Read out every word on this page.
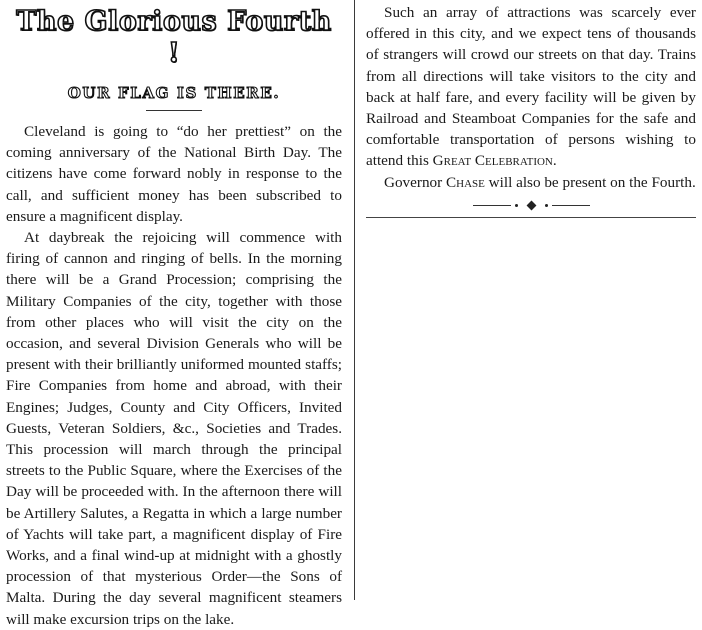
The Glorious Fourth !
OUR FLAG IS THERE.

Cleveland is going to “do her prettiest” on the coming anniversary of the National Birth Day. The citizens have come forward nobly in response to the call, and sufficient money has been subscribed to ensure a magnificent display.

At daybreak the rejoicing will commence with firing of cannon and ringing of bells. In the morning there will be a Grand Procession; comprising the Military Companies of the city, together with those from other places who will visit the city on the occasion, and several Division Generals who will be present with their brilliantly uniformed mounted staffs; Fire Companies from home and abroad, with their Engines; Judges, County and City Officers, Invited Guests, Veteran Soldiers, &c., Societies and Trades. This procession will march through the principal streets to the Public Square, where the Exercises of the Day will be proceeded with. In the afternoon there will be Artillery Salutes, a Regatta in which a large number of Yachts will take part, a magnificent display of Fire Works, and a final wind-up at midnight with a ghostly procession of that mysterious Order—the Sons of Malta. During the day several magnificent steamers will make excursion trips on the lake.

Such an array of attractions was scarcely ever offered in this city, and we expect tens of thousands of strangers will crowd our streets on that day. Trains from all directions will take visitors to the city and back at half fare, and every facility will be given by Railroad and Steamboat Companies for the safe and comfortable transportation of persons wishing to attend this Great Celebration.

Governor Chase will also be present on the Fourth.
